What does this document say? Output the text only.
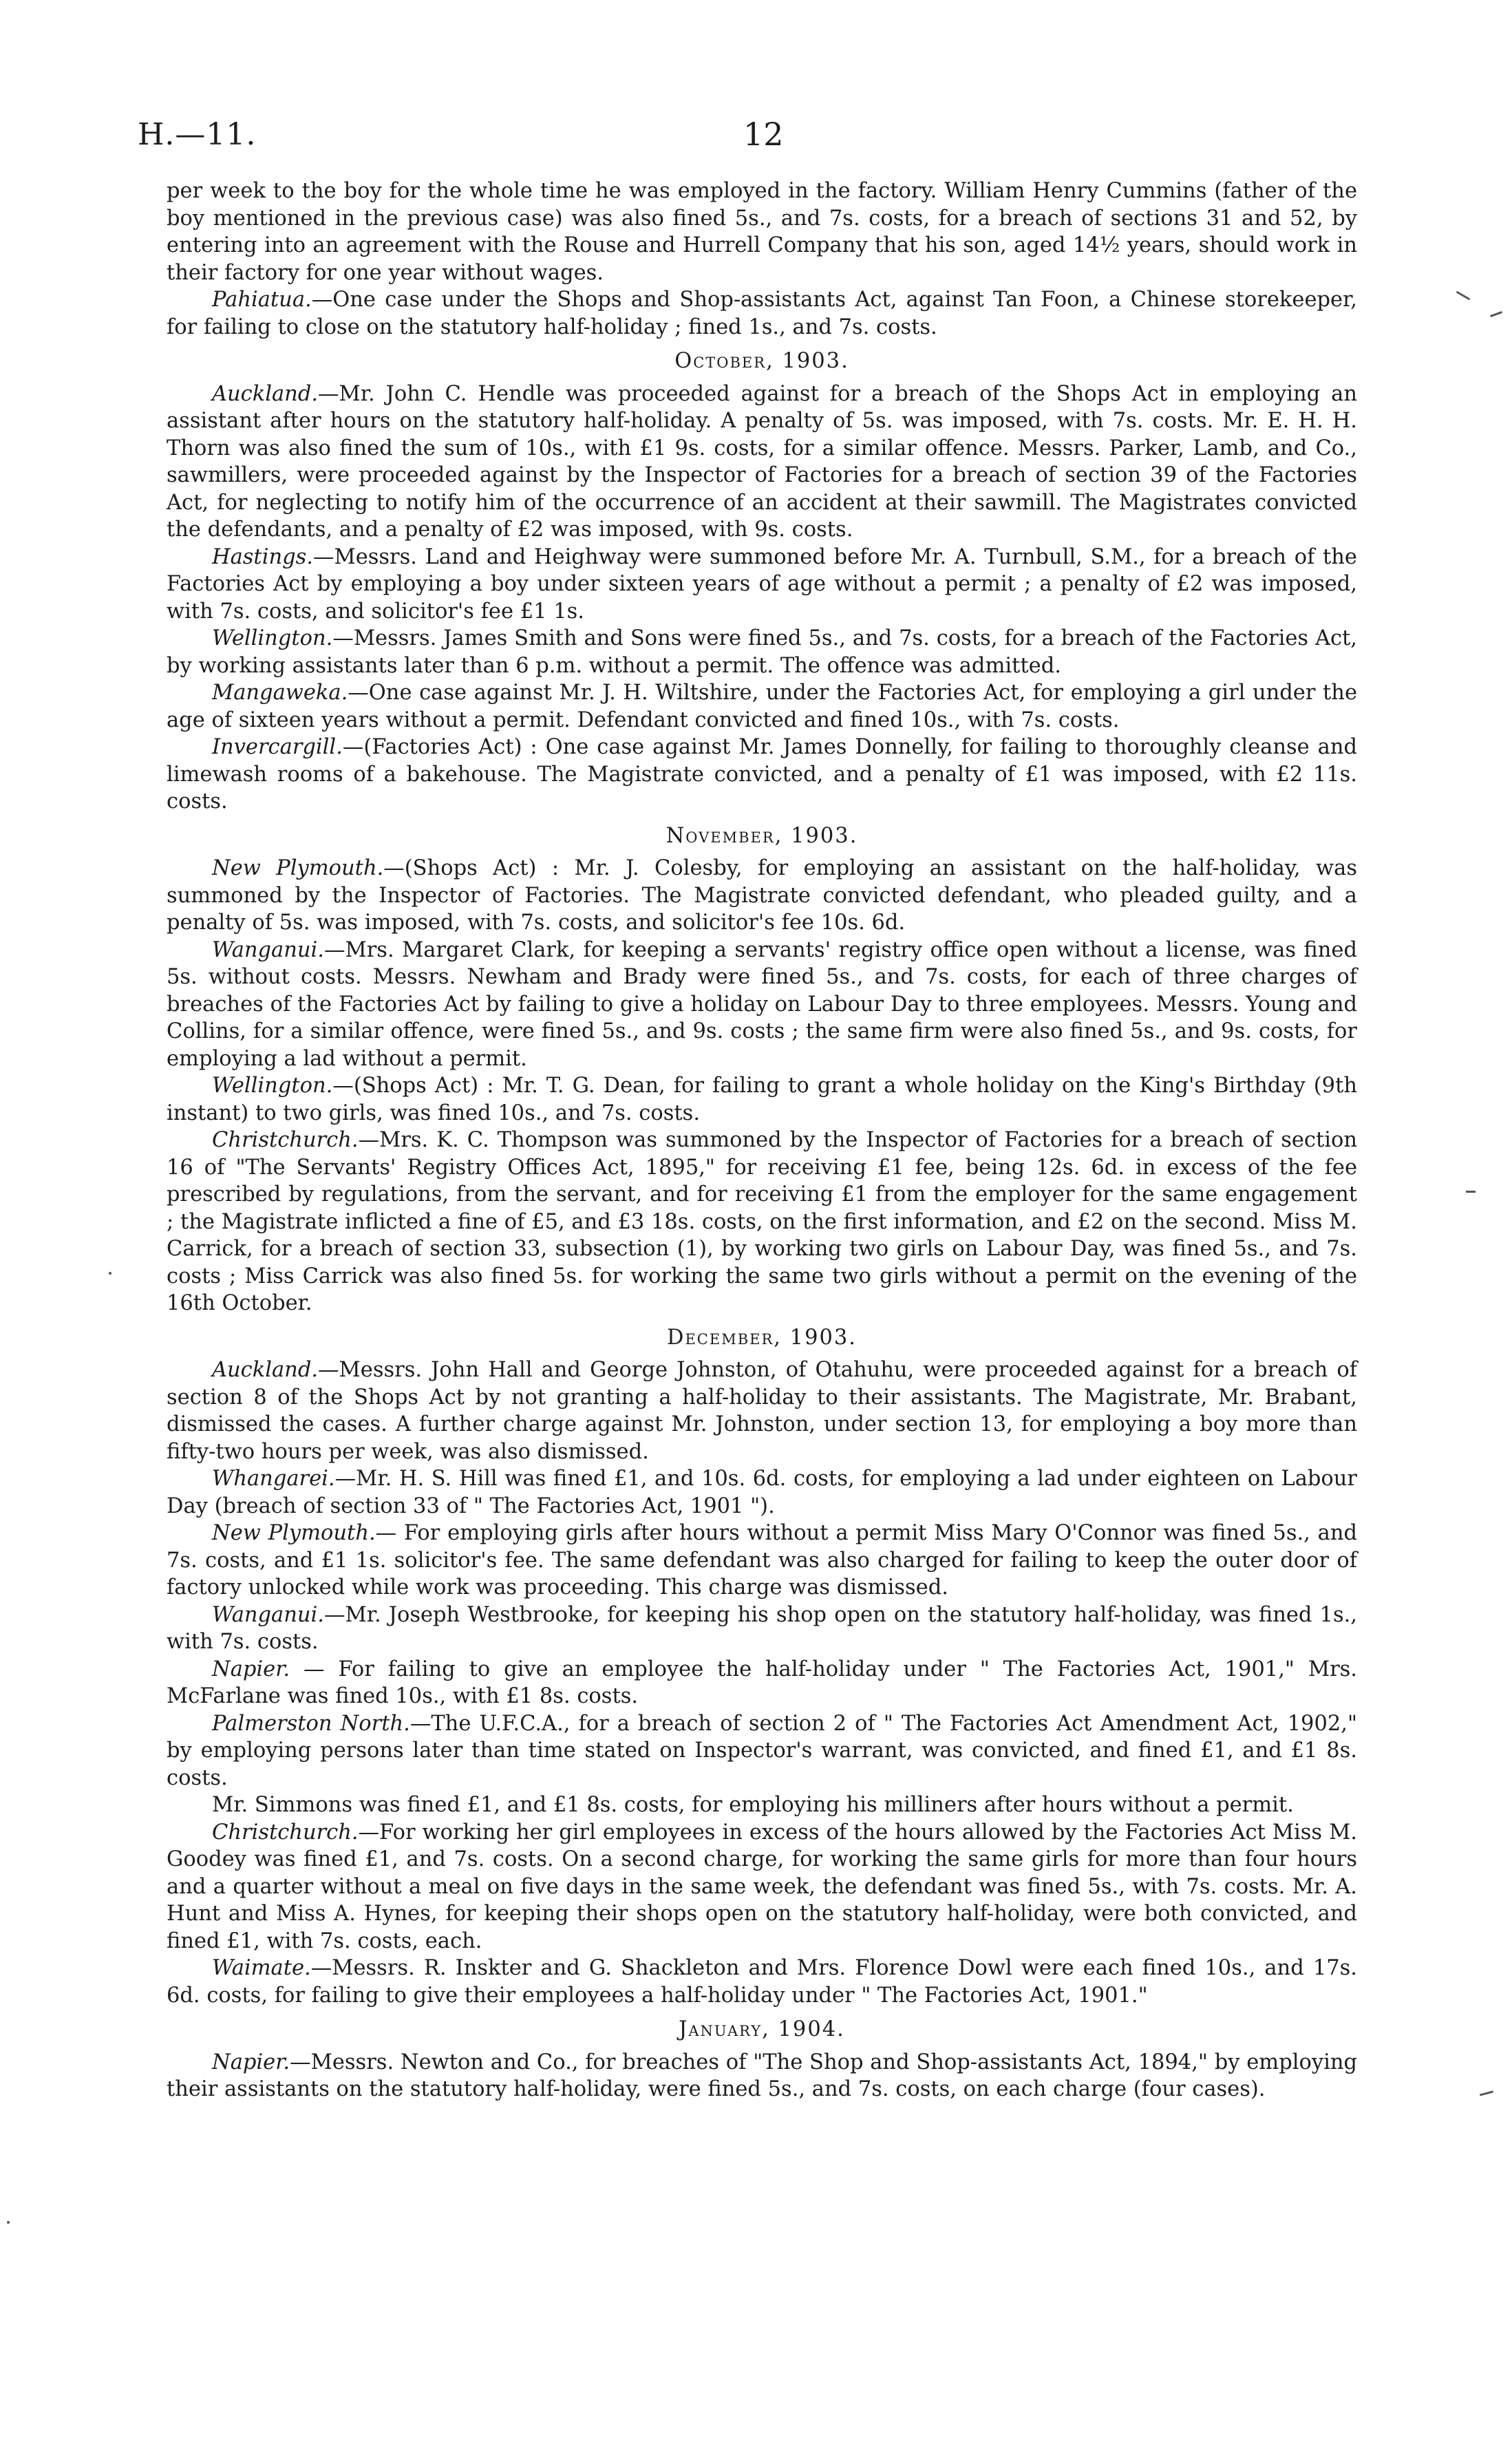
H.—11.	12

per week to the boy for the whole time he was employed in the factory. William Henry Cummins (father of the boy mentioned in the previous case) was also fined 5s., and 7s. costs, for a breach of sections 31 and 52, by entering into an agreement with the Rouse and Hurrell Company that his son, aged 14½ years, should work in their factory for one year without wages.

Pahiatua.—One case under the Shops and Shop-assistants Act, against Tan Foon, a Chinese storekeeper, for failing to close on the statutory half-holiday ; fined 1s., and 7s. costs.

October, 1903.

Auckland.—Mr. John C. Hendle was proceeded against for a breach of the Shops Act in employing an assistant after hours on the statutory half-holiday. A penalty of 5s. was imposed, with 7s. costs. Mr. E. H. H. Thorn was also fined the sum of 10s., with £1 9s. costs, for a similar offence. Messrs. Parker, Lamb, and Co., sawmillers, were proceeded against by the Inspector of Factories for a breach of section 39 of the Factories Act, for neglecting to notify him of the occurrence of an accident at their sawmill. The Magistrates convicted the defendants, and a penalty of £2 was imposed, with 9s. costs.

Hastings.—Messrs. Land and Heighway were summoned before Mr. A. Turnbull, S.M., for a breach of the Factories Act by employing a boy under sixteen years of age without a permit ; a penalty of £2 was imposed, with 7s. costs, and solicitor's fee £1 1s.

Wellington.—Messrs. James Smith and Sons were fined 5s., and 7s. costs, for a breach of the Factories Act, by working assistants later than 6 p.m. without a permit. The offence was admitted.

Mangaweka.—One case against Mr. J. H. Wiltshire, under the Factories Act, for employing a girl under the age of sixteen years without a permit. Defendant convicted and fined 10s., with 7s. costs.

Invercargill.—(Factories Act) : One case against Mr. James Donnelly, for failing to thoroughly cleanse and limewash rooms of a bakehouse. The Magistrate convicted, and a penalty of £1 was imposed, with £2 11s. costs.

November, 1903.

New Plymouth.—(Shops Act) : Mr. J. Colesby, for employing an assistant on the half-holiday, was summoned by the Inspector of Factories. The Magistrate convicted defendant, who pleaded guilty, and a penalty of 5s. was imposed, with 7s. costs, and solicitor's fee 10s. 6d.

Wanganui.—Mrs. Margaret Clark, for keeping a servants' registry office open without a license, was fined 5s. without costs. Messrs. Newham and Brady were fined 5s., and 7s. costs, for each of three charges of breaches of the Factories Act by failing to give a holiday on Labour Day to three employees. Messrs. Young and Collins, for a similar offence, were fined 5s., and 9s. costs ; the same firm were also fined 5s., and 9s. costs, for employing a lad without a permit.

Wellington.—(Shops Act) : Mr. T. G. Dean, for failing to grant a whole holiday on the King's Birthday (9th instant) to two girls, was fined 10s., and 7s. costs.

Christchurch.—Mrs. K. C. Thompson was summoned by the Inspector of Factories for a breach of section 16 of "The Servants' Registry Offices Act, 1895," for receiving £1 fee, being 12s. 6d. in excess of the fee prescribed by regulations, from the servant, and for receiving £1 from the employer for the same engagement ; the Magistrate inflicted a fine of £5, and £3 18s. costs, on the first information, and £2 on the second. Miss M. Carrick, for a breach of section 33, subsection (1), by working two girls on Labour Day, was fined 5s., and 7s. costs ; Miss Carrick was also fined 5s. for working the same two girls without a permit on the evening of the 16th October.

December, 1903.

Auckland.—Messrs. John Hall and George Johnston, of Otahuhu, were proceeded against for a breach of section 8 of the Shops Act by not granting a half-holiday to their assistants. The Magistrate, Mr. Brabant, dismissed the cases. A further charge against Mr. Johnston, under section 13, for employing a boy more than fifty-two hours per week, was also dismissed.

Whangarei.—Mr. H. S. Hill was fined £1, and 10s. 6d. costs, for employing a lad under eighteen on Labour Day (breach of section 33 of " The Factories Act, 1901 ").

New Plymouth.— For employing girls after hours without a permit Miss Mary O'Connor was fined 5s., and 7s. costs, and £1 1s. solicitor's fee. The same defendant was also charged for failing to keep the outer door of factory unlocked while work was proceeding. This charge was dismissed.

Wanganui.—Mr. Joseph Westbrooke, for keeping his shop open on the statutory half-holiday, was fined 1s., with 7s. costs.

Napier. — For failing to give an employee the half-holiday under " The Factories Act, 1901," Mrs. McFarlane was fined 10s., with £1 8s. costs.

Palmerston North.—The U.F.C.A., for a breach of section 2 of " The Factories Act Amendment Act, 1902," by employing persons later than time stated on Inspector's warrant, was convicted, and fined £1, and £1 8s. costs.

Mr. Simmons was fined £1, and £1 8s. costs, for employing his milliners after hours without a permit.

Christchurch.—For working her girl employees in excess of the hours allowed by the Factories Act Miss M. Goodey was fined £1, and 7s. costs. On a second charge, for working the same girls for more than four hours and a quarter without a meal on five days in the same week, the defendant was fined 5s., with 7s. costs. Mr. A. Hunt and Miss A. Hynes, for keeping their shops open on the statutory half-holiday, were both convicted, and fined £1, with 7s. costs, each.

Waimate.—Messrs. R. Inskter and G. Shackleton and Mrs. Florence Dowl were each fined 10s., and 17s. 6d. costs, for failing to give their employees a half-holiday under " The Factories Act, 1901."

January, 1904.

Napier.—Messrs. Newton and Co., for breaches of "The Shop and Shop-assistants Act, 1894," by employing their assistants on the statutory half-holiday, were fined 5s., and 7s. costs, on each charge (four cases).
